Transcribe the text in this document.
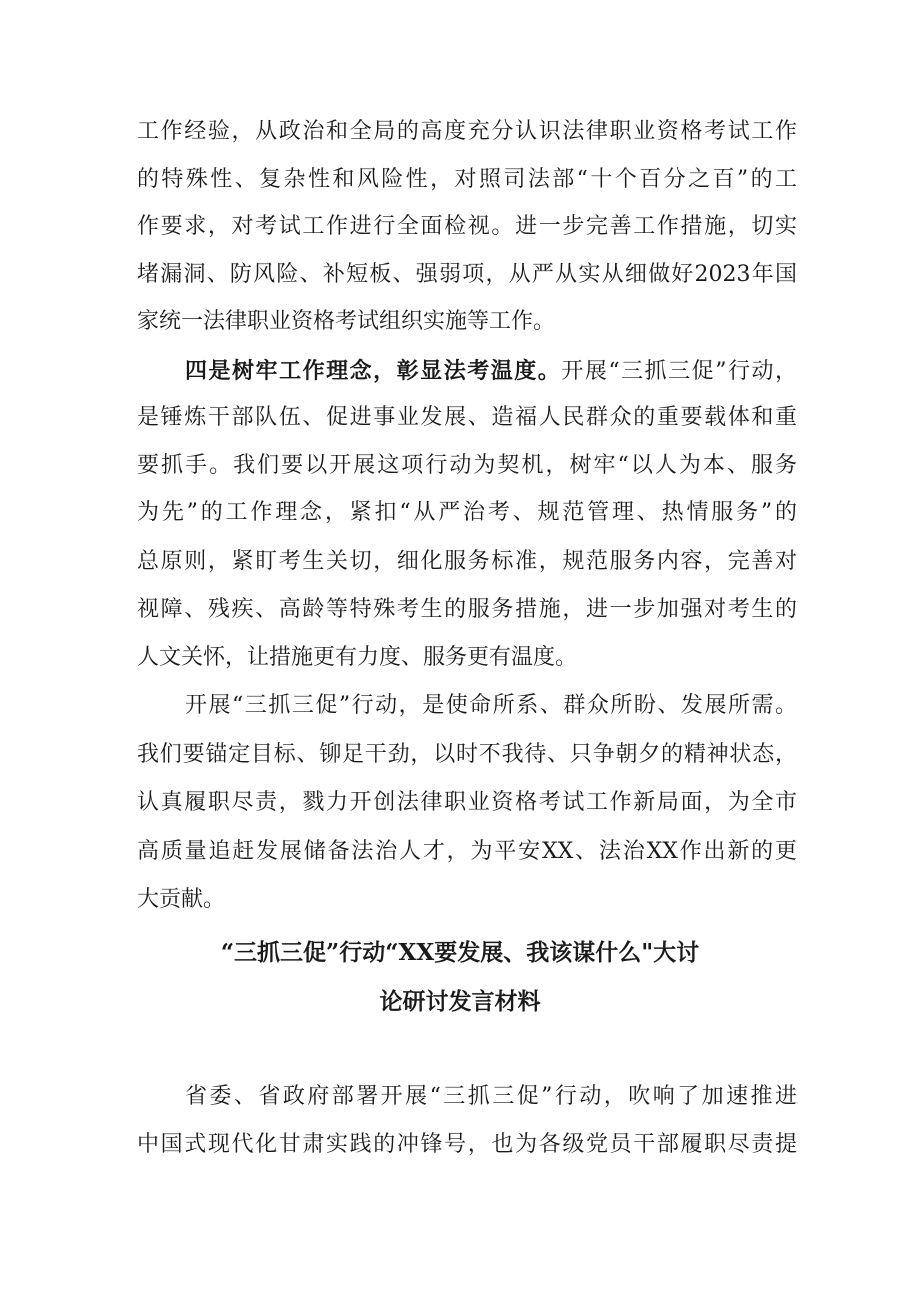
工作经验，从政治和全局的高度充分认识法律职业资格考试工作
的特殊性、复杂性和风险性，对照司法部“十个百分之百”的工
作要求，对考试工作进行全面检视。进一步完善工作措施，切实
堵漏洞、防风险、补短板、强弱项，从严从实从细做好2023年国
家统一法律职业资格考试组织实施等工作。
四是树牢工作理念，彰显法考温度。开展“三抓三促”行动，
是锤炼干部队伍、促进事业发展、造福人民群众的重要载体和重
要抓手。我们要以开展这项行动为契机，树牢“以人为本、服务
为先”的工作理念，紧扣“从严治考、规范管理、热情服务”的
总原则，紧盯考生关切，细化服务标准，规范服务内容，完善对
视障、残疾、高龄等特殊考生的服务措施，进一步加强对考生的
人文关怀，让措施更有力度、服务更有温度。
开展“三抓三促”行动，是使命所系、群众所盼、发展所需。
我们要锚定目标、铆足干劲，以时不我待、只争朝夕的精神状态，
认真履职尽责，戮力开创法律职业资格考试工作新局面，为全市
高质量追赶发展储备法治人才，为平安XX、法治XX作出新的更
大贡献。
“三抓三促”行动“XX要发展、我该谋什么"大讨
论研讨发言材料
省委、省政府部署开展“三抓三促”行动，吹响了加速推进
中国式现代化甘肃实践的冲锋号，也为各级党员干部履职尽责提
